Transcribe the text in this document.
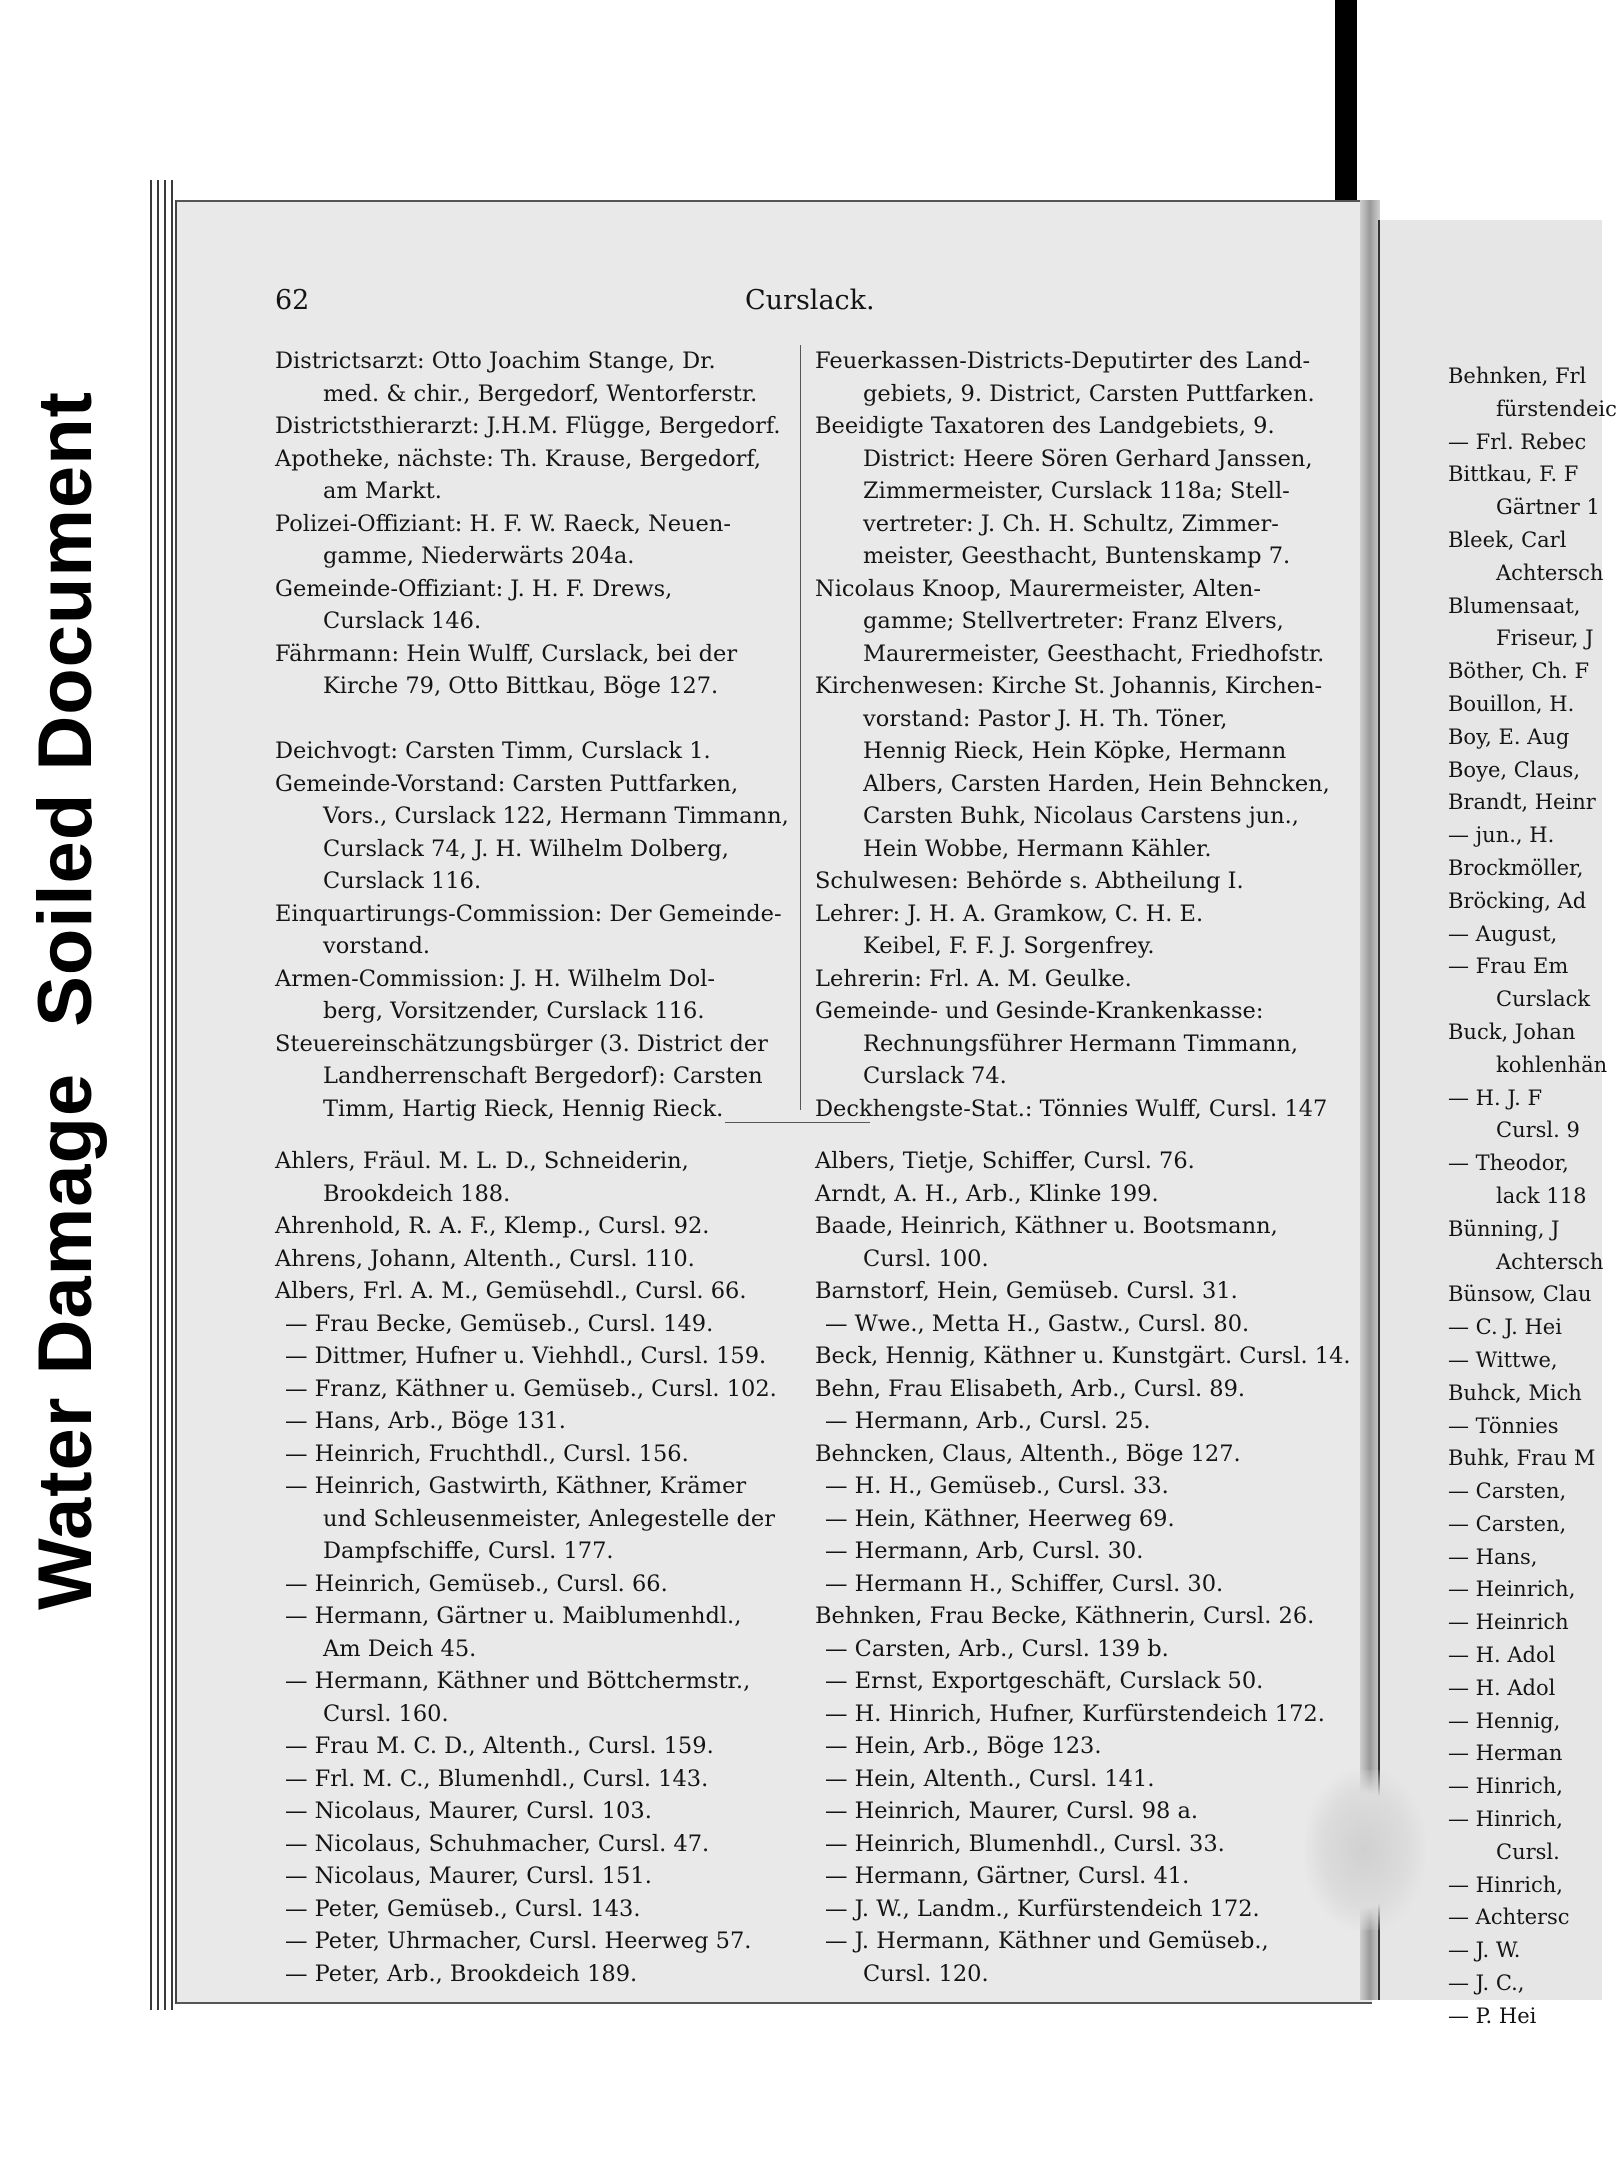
Water DamageSoiled Document
62	Curslack.
Districtsarzt: Otto Joachim Stange, Dr.
med. & chir., Bergedorf, Wentorferstr.
Districtsthierarzt: J.H.M. Flügge, Bergedorf.
Apotheke, nächste: Th. Krause, Bergedorf,
am Markt.
Polizei-Offiziant: H. F. W. Raeck, Neuen-
gamme, Niederwärts 204a.
Gemeinde-Offiziant: J. H. F. Drews,
Curslack 146.
Fährmann: Hein Wulff, Curslack, bei der
Kirche 79, Otto Bittkau, Böge 127.
Deichvogt: Carsten Timm, Curslack 1.
Gemeinde-Vorstand: Carsten Puttfarken,
Vors., Curslack 122, Hermann Timmann,
Curslack 74, J. H. Wilhelm Dolberg,
Curslack 116.
Einquartirungs-Commission: Der Gemeinde-
vorstand.
Armen-Commission: J. H. Wilhelm Dol-
berg, Vorsitzender, Curslack 116.
Steuereinschätzungsbürger (3. District der
Landherrenschaft Bergedorf): Carsten
Timm, Hartig Rieck, Hennig Rieck.
Feuerkassen-Districts-Deputirter des Land-
gebiets, 9. District, Carsten Puttfarken.
Beeidigte Taxatoren des Landgebiets, 9.
District: Heere Sören Gerhard Janssen,
Zimmermeister, Curslack 118a; Stell-
vertreter: J. Ch. H. Schultz, Zimmer-
meister, Geesthacht, Buntenskamp 7.
Nicolaus Knoop, Maurermeister, Alten-
gamme; Stellvertreter: Franz Elvers,
Maurermeister, Geesthacht, Friedhofstr.
Kirchenwesen: Kirche St. Johannis, Kirchen-
vorstand: Pastor J. H. Th. Töner,
Hennig Rieck, Hein Köpke, Hermann
Albers, Carsten Harden, Hein Behncken,
Carsten Buhk, Nicolaus Carstens jun.,
Hein Wobbe, Hermann Kähler.
Schulwesen: Behörde s. Abtheilung I.
Lehrer: J. H. A. Gramkow, C. H. E.
Keibel, F. F. J. Sorgenfrey.
Lehrerin: Frl. A. M. Geulke.
Gemeinde- und Gesinde-Krankenkasse:
Rechnungsführer Hermann Timmann,
Curslack 74.
Deckhengste-Stat.: Tönnies Wulff, Cursl. 147
Ahlers, Fräul. M. L. D., Schneiderin,
Brookdeich 188.
Ahrenhold, R. A. F., Klemp., Cursl. 92.
Ahrens, Johann, Altenth., Cursl. 110.
Albers, Frl. A. M., Gemüsehdl., Cursl. 66.
— Frau Becke, Gemüseb., Cursl. 149.
— Dittmer, Hufner u. Viehhdl., Cursl. 159.
— Franz, Käthner u. Gemüseb., Cursl. 102.
— Hans, Arb., Böge 131.
— Heinrich, Fruchthdl., Cursl. 156.
— Heinrich, Gastwirth, Käthner, Krämer
und Schleusenmeister, Anlegestelle der
Dampfschiffe, Cursl. 177.
— Heinrich, Gemüseb., Cursl. 66.
— Hermann, Gärtner u. Maiblumenhdl.,
Am Deich 45.
— Hermann, Käthner und Böttchermstr.,
Cursl. 160.
— Frau M. C. D., Altenth., Cursl. 159.
— Frl. M. C., Blumenhdl., Cursl. 143.
— Nicolaus, Maurer, Cursl. 103.
— Nicolaus, Schuhmacher, Cursl. 47.
— Nicolaus, Maurer, Cursl. 151.
— Peter, Gemüseb., Cursl. 143.
— Peter, Uhrmacher, Cursl. Heerweg 57.
— Peter, Arb., Brookdeich 189.
Albers, Tietje, Schiffer, Cursl. 76.
Arndt, A. H., Arb., Klinke 199.
Baade, Heinrich, Käthner u. Bootsmann,
Cursl. 100.
Barnstorf, Hein, Gemüseb. Cursl. 31.
— Wwe., Metta H., Gastw., Cursl. 80.
Beck, Hennig, Käthner u. Kunstgärt. Cursl. 14.
Behn, Frau Elisabeth, Arb., Cursl. 89.
— Hermann, Arb., Cursl. 25.
Behncken, Claus, Altenth., Böge 127.
— H. H., Gemüseb., Cursl. 33.
— Hein, Käthner, Heerweg 69.
— Hermann, Arb, Cursl. 30.
— Hermann H., Schiffer, Cursl. 30.
Behnken, Frau Becke, Käthnerin, Cursl. 26.
— Carsten, Arb., Cursl. 139 b.
— Ernst, Exportgeschäft, Curslack 50.
— H. Hinrich, Hufner, Kurfürstendeich 172.
— Hein, Arb., Böge 123.
— Hein, Altenth., Cursl. 141.
— Heinrich, Maurer, Cursl. 98 a.
— Heinrich, Blumenhdl., Cursl. 33.
— Hermann, Gärtner, Cursl. 41.
— J. W., Landm., Kurfürstendeich 172.
— J. Hermann, Käthner und Gemüseb.,
Cursl. 120.
Behnken, Frl
fürstendeic
— Frl. Rebec
Bittkau, F. F
Gärtner 1
Bleek, Carl
Achtersch
Blumensaat,
Friseur, J
Böther, Ch. F
Bouillon, H.
Boy, E. Aug
Boye, Claus,
Brandt, Heinr
— jun., H.
Brockmöller,
Bröcking, Ad
— August,
— Frau Em
Curslack
Buck, Johan
kohlenhän
— H. J. F
Cursl. 9
— Theodor,
lack 118
Bünning, J
Achtersch
Bünsow, Clau
— C. J. Hei
— Wittwe,
Buhck, Mich
— Tönnies
Buhk, Frau M
— Carsten,
— Carsten,
— Hans,
— Heinrich,
— Heinrich
— H. Adol
— H. Adol
— Hennig,
— Herman
— Hinrich,
— Hinrich,
Cursl.
— Hinrich,
— Achtersc
— J. W.
— J. C.,
— P. Hei
